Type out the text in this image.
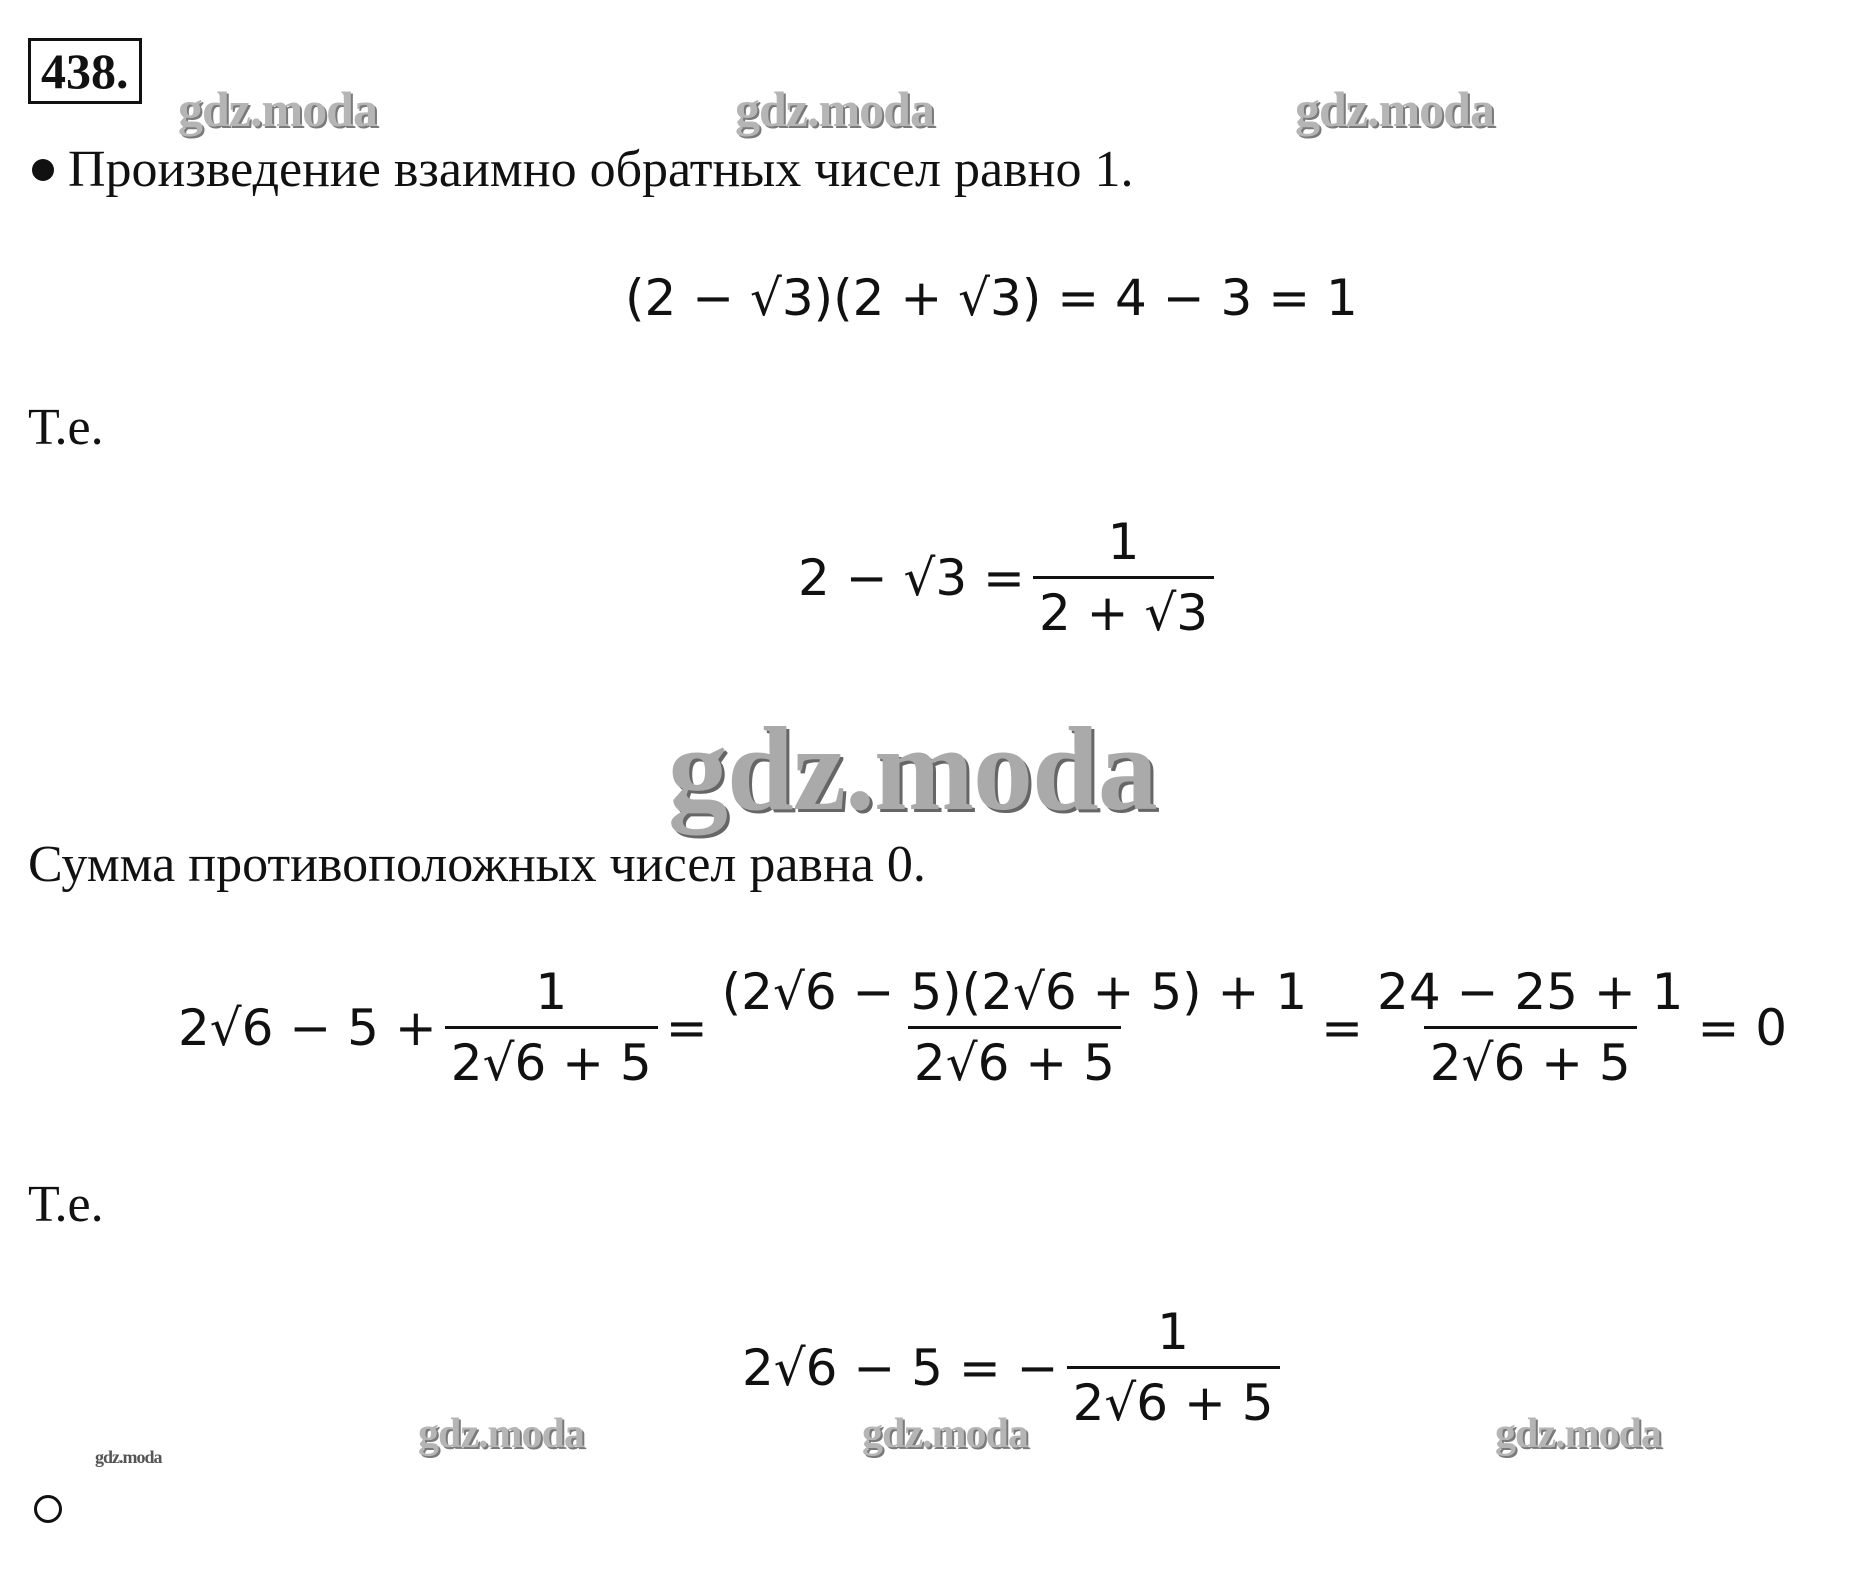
438.
gdz.moda	gdz.moda	gdz.moda
gdz.moda
gdz.moda	gdz.moda	gdz.moda
gdz.moda
Произведение взаимно обратных чисел равно 1.
(2 − √3)(2 + √3) = 4 − 3 = 1
Т.е.
$2 - √3 = \frac{1}{2 + √3}$
Сумма противоположных чисел равна 0.
$2√6 - 5 + \frac{1}{2√6 + 5} = \frac{(2√6 - 5)(2√6 + 5) + 1}{2√6 + 5} = \frac{24 - 25 + 1}{2√6 + 5} = 0$
Т.е.
2√6 − 5 = − $\frac{1}{2√6 + 5}$
